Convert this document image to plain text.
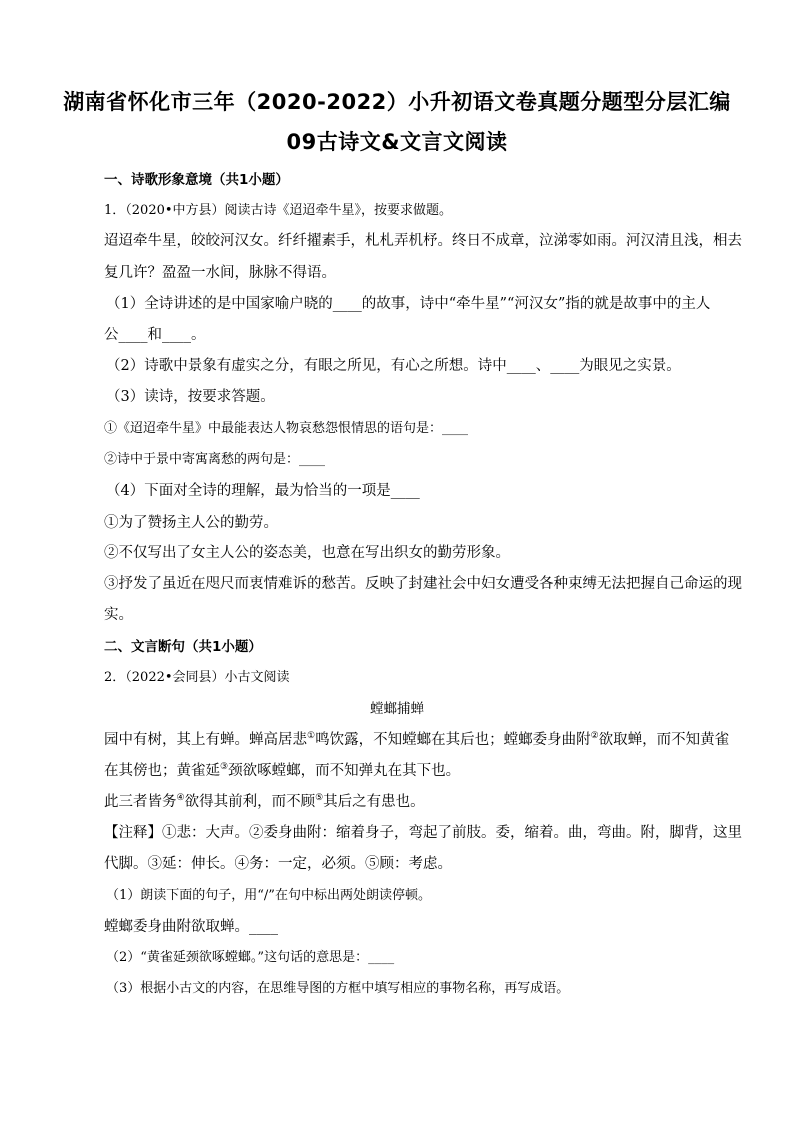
湖南省怀化市三年（2020-2022）小升初语文卷真题分题型分层汇编
09古诗文&文言文阅读
一、诗歌形象意境（共1小题）
1．（2020•中方县）阅读古诗《迢迢牵牛星》，按要求做题。
迢迢牵牛星，皎皎河汉女。纤纤擢素手，札札弄机杼。终日不成章，泣涕零如雨。河汉清且浅，相去
复几许？盈盈一水间，脉脉不得语。
（1）全诗讲述的是中国家喻户晓的____的故事，诗中“牵牛星”“河汉女”指的就是故事中的主人
公____和____。
（2）诗歌中景象有虚实之分，有眼之所见，有心之所想。诗中____、____为眼见之实景。
（3）读诗，按要求答题。
①《迢迢牵牛星》中最能表达人物哀愁怨恨情思的语句是：____
②诗中于景中寄寓离愁的两句是：____
（4）下面对全诗的理解，最为恰当的一项是____
①为了赞扬主人公的勤劳。
②不仅写出了女主人公的姿态美，也意在写出织女的勤劳形象。
③抒发了虽近在咫尺而衷情难诉的愁苦。反映了封建社会中妇女遭受各种束缚无法把握自己命运的现
实。
二、文言断句（共1小题）
2．（2022•会同县）小古文阅读
螳螂捕蝉
园中有树，其上有蝉。蝉高居悲①鸣饮露，不知螳螂在其后也；螳螂委身曲附②欲取蝉，而不知黄雀
在其傍也；黄雀延③颈欲啄螳螂，而不知弹丸在其下也。
此三者皆务④欲得其前利，而不顾⑤其后之有患也。
【注释】①悲：大声。②委身曲附：缩着身子，弯起了前肢。委，缩着。曲，弯曲。附，脚背，这里
代脚。③延：伸长。④务：一定，必须。⑤顾：考虑。
（1）朗读下面的句子，用“/”在句中标出两处朗读停顿。
螳螂委身曲附欲取蝉。____
（2）“黄雀延颈欲啄螳螂。”这句话的意思是：____
（3）根据小古文的内容，在思维导图的方框中填写相应的事物名称，再写成语。
